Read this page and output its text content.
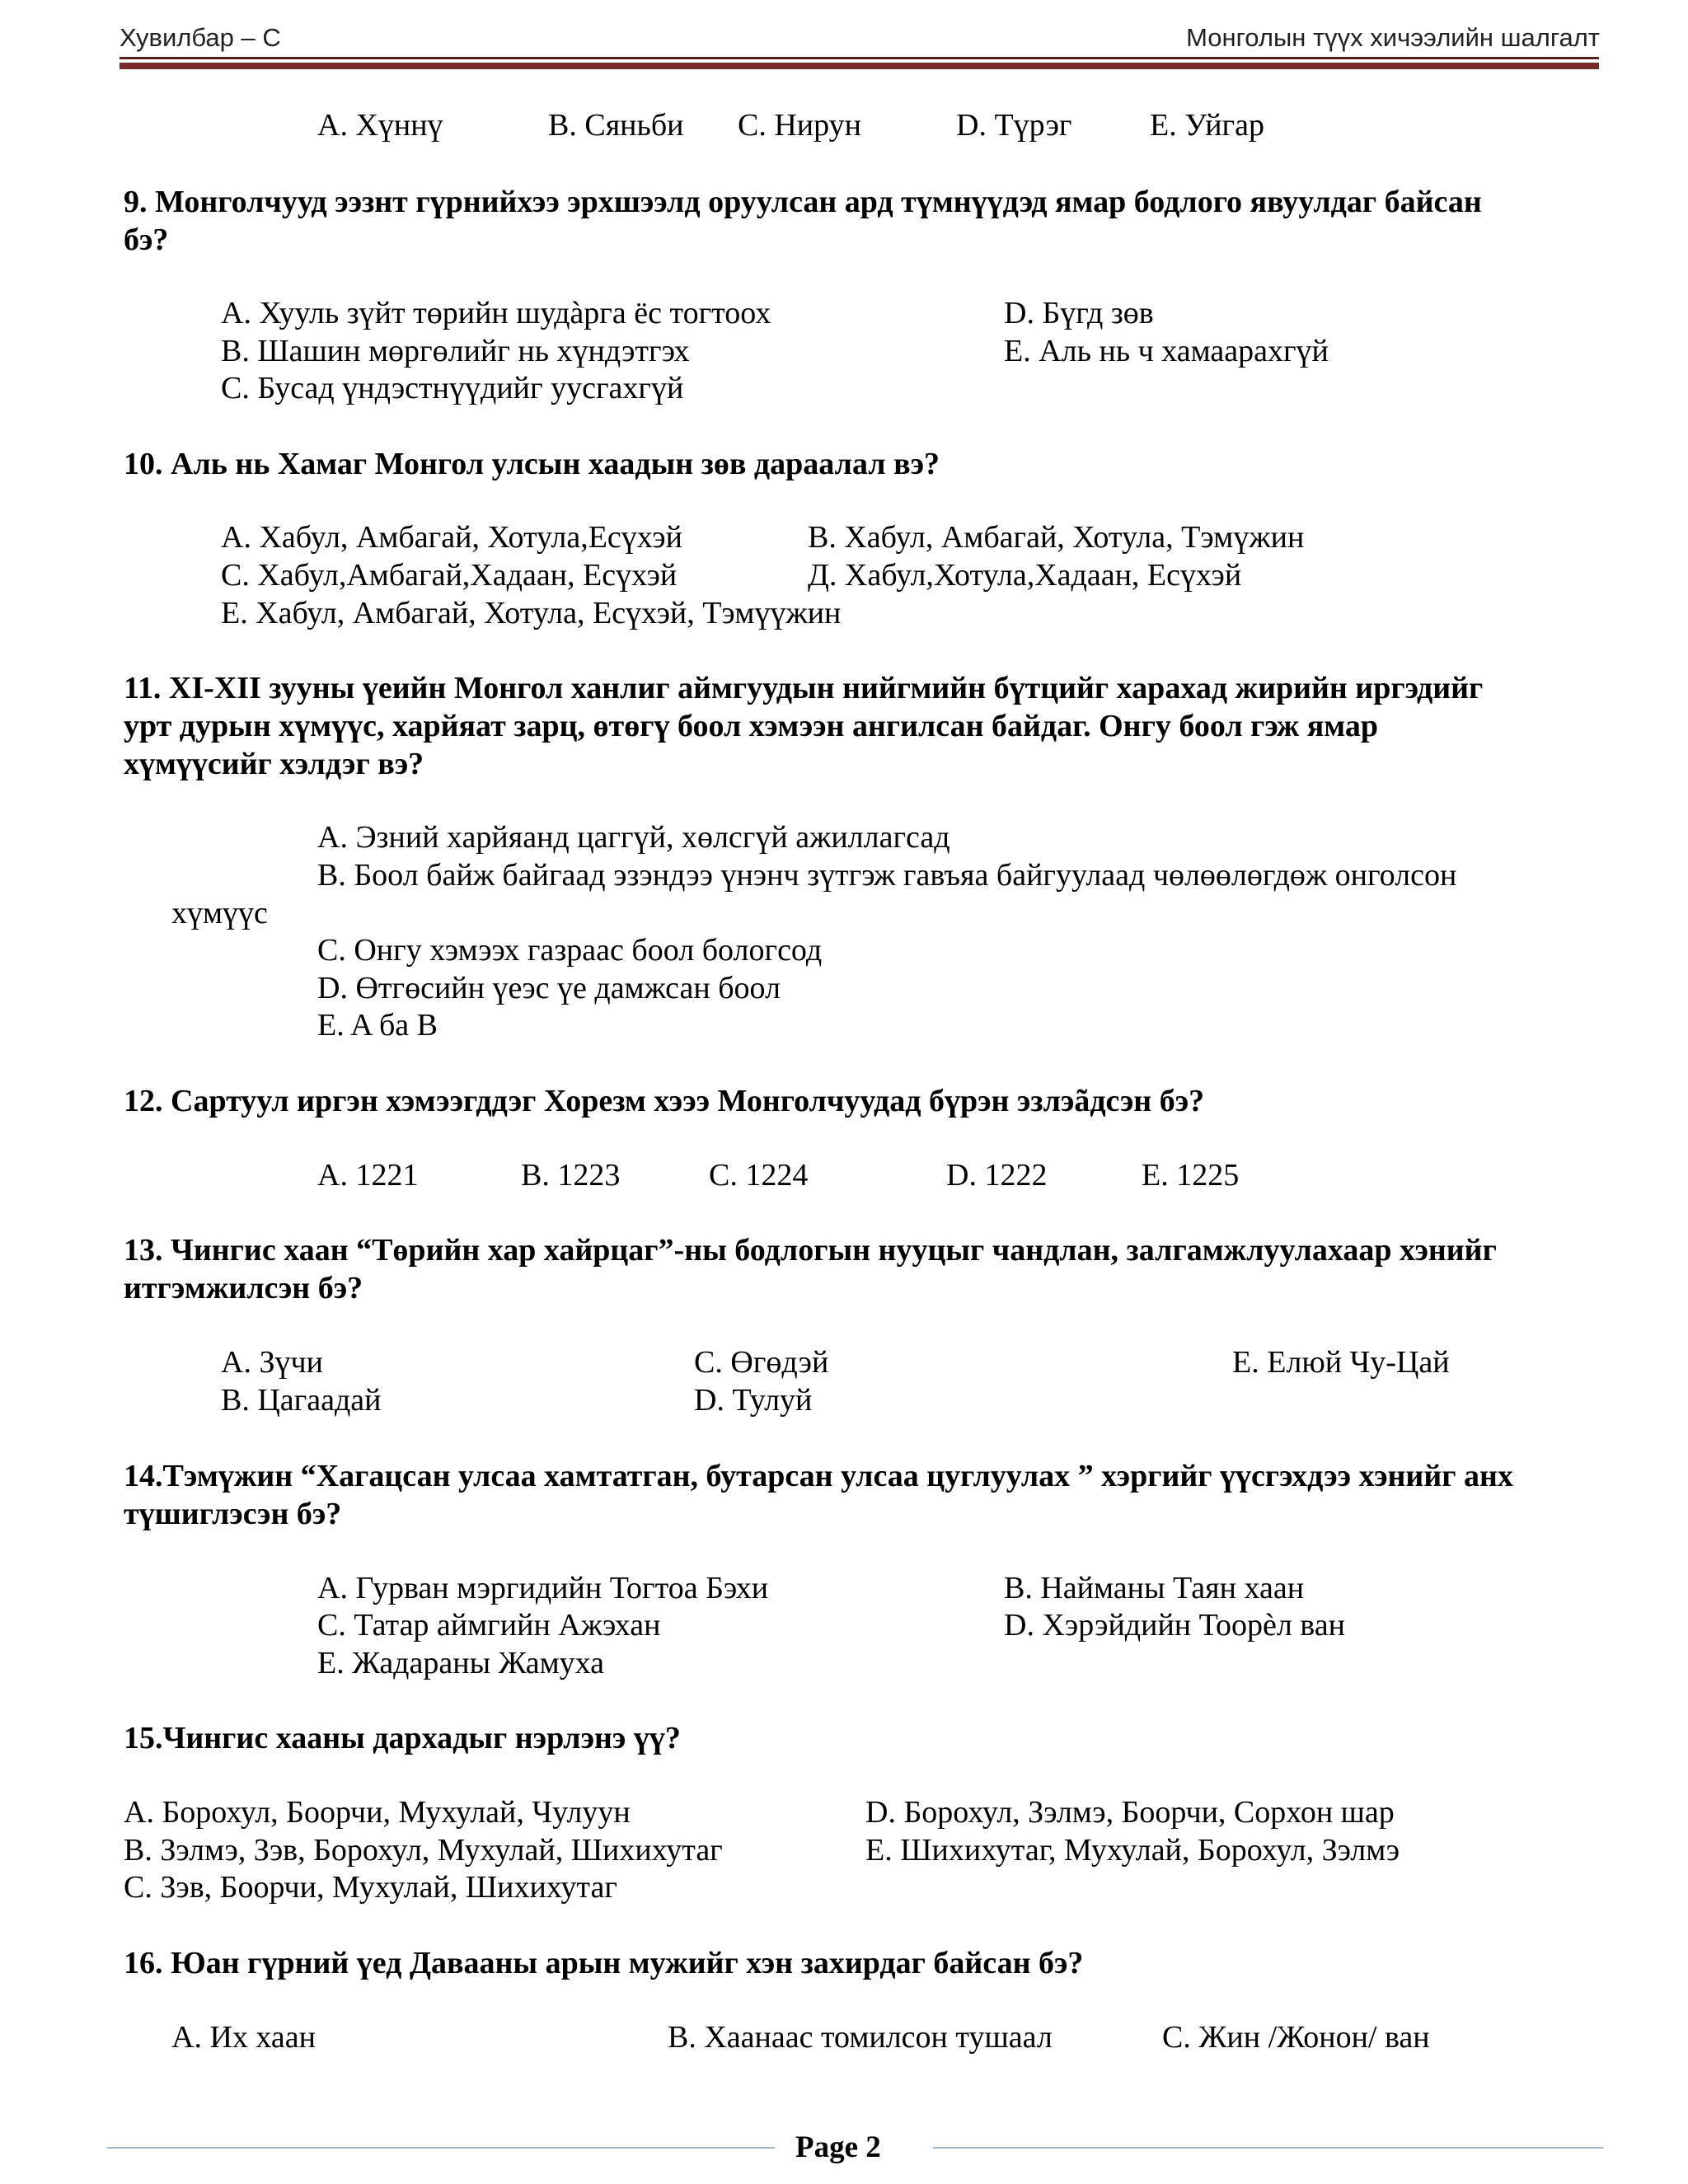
Хувилбар – С	Монголын түүх хичээлийн шалгалт
A. Хүннү	B. Сяньби C. Нирун	D. Түрэг E. Уйгар
9. Монголчууд ээзнт гүрнийхээ эрхшээлд оруулсан ард түмнүүдэд ямар бодлого явуулдаг байсан
бэ?
A. Хууль зүйт төрийн шудàрга ёс тогтоох	D. Бүгд зөв
B. Шашин мөргөлийг нь хүндэтгэх	E. Аль нь ч хамаарахгүй
C. Бусад үндэстнүүдийг уусгахгүй
10. Аль нь Хамаг Монгол улсын хаадын зөв дараалал вэ?
A. Хабул, Амбагай, Хотула,Есүхэй	B. Хабул, Амбагай, Хотула, Тэмүжин
C. Хабул,Амбагай,Хадаан, Есүхэй	Д. Хабул,Хотула,Хадаан, Есүхэй
E. Хабул, Амбагай, Хотула, Есүхэй, Тэмүүжин
11. XI-XII зууны үеийн Монгол ханлиг аймгуудын нийгмийн бүтцийг харахад жирийн иргэдийг
урт дурын хүмүүс, харйяат зарц, өтөгү боол хэмээн ангилсан байдаг. Онгу боол гэж ямар
хүмүүсийг хэлдэг вэ?
A. Эзний харйяанд цаггүй, хөлсгүй ажиллагсад
B. Боол байж байгаад эзэндээ үнэнч зүтгэж гавъяа байгуулаад чөлөөлөгдөж онголсон
хүмүүс
C. Онгу хэмээх газраас боол бологсод
D. Өтгөсийн үеэс үе дамжсан боол
E. A ба B
12. Сартуул иргэн хэмээгддэг Хорезм хэээ Монголчуудад бүрэн эзлэãдсэн бэ?
A. 1221	B. 1223	C. 1224	D. 1222	E. 1225
13. Чингис хаан “Төрийн хар хайрцаг”-ны бодлогын нууцыг чандлан, залгамжлуулахаар хэнийг
итгэмжилсэн бэ?
A. Зүчи	C. Өгөдэй	E. Елюй Чу-Цай
B. Цагаадай	D. Тулуй
14.Тэмүжин “Хагацсан улсаа хамтатган, бутарсан улсаа цуглуулах ” хэргийг үүсгэхдээ хэнийг анх
түшиглэсэн бэ?
A. Гурван мэргидийн Тогтоа Бэхи	B. Найманы Таян хаан
C. Татар аймгийн Ажэхан	D. Хэрэйдийн Тоорèл ван
E. Жадараны Жамуха
15.Чингис хааны дархадыг нэрлэнэ үү?
A. Борохул, Боорчи, Мухулай, Чулуун	D. Борохул, Зэлмэ, Боорчи, Сорхон шар
B. Зэлмэ, Зэв, Борохул, Мухулай, Шихихутаг	E. Шихихутаг, Мухулай, Борохул, Зэлмэ
C. Зэв, Боорчи, Мухулай, Шихихутаг
16. Юан гүрний үед Давааны арын мужийг хэн захирдаг байсан бэ?
A. Их хаан	B. Хаанаас томилсон тушаал	C. Жин /Жонон/ ван
Page 2
